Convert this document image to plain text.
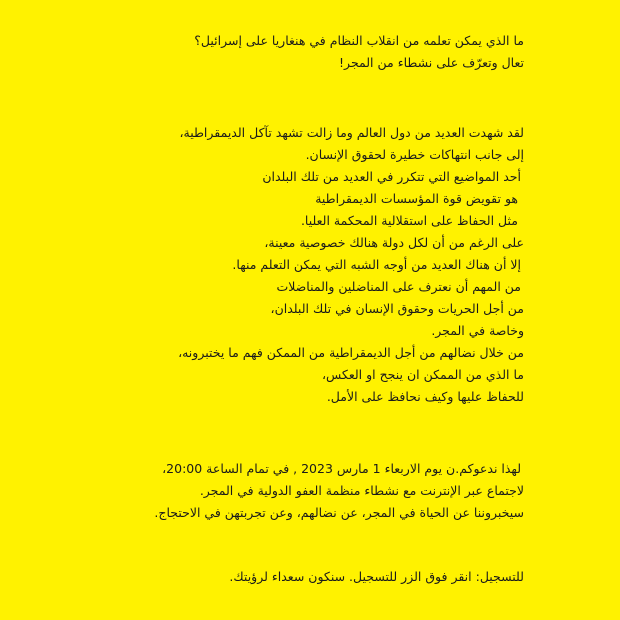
ما الذي يمكن تعلمه من انقلاب النظام في هنغاريا على إسرائيل؟
تعال وتعرّف على نشطاء من المجر!
لقد شهدت العديد من دول العالم وما زالت تشهد تآكل الديمقراطية،
إلى جانب انتهاكات خطيرة لحقوق الإنسان.
أحد المواضيع التي تتكرر في العديد من تلك البلدان
هو تقويض قوة المؤسسات الديمقراطية
مثل الحفاظ على استقلالية المحكمة العليا.
على الرغم من أن لكل دولة هنالك خصوصية معينة،
إلا أن هناك العديد من أوجه الشبه التي يمكن التعلم منها.
من المهم أن نعترف على المناضلين والمناضلات
من أجل الحريات وحقوق الإنسان في تلك البلدان،
وخاصة في المجر.
من خلال نضالهم من أجل الديمقراطية من الممكن فهم ما يختبرونه،
ما الذي من الممكن ان ينجح او العكس،
للحفاظ عليها وكيف نحافظ على الأمل.
لهذا ندعوكم.ن يوم الاربعاء 1 مارس 2023 , في تمام الساعة 20:00،
لاجتماع عبر الإنترنت مع نشطاء منظمة العفو الدولية في المجر.
سيخبروننا عن الحياة في المجر، عن نضالهم، وعن تجربتهن في الاحتجاج.
للتسجيل: انقر فوق الزر للتسجيل. سنكون سعداء لرؤيتك.
